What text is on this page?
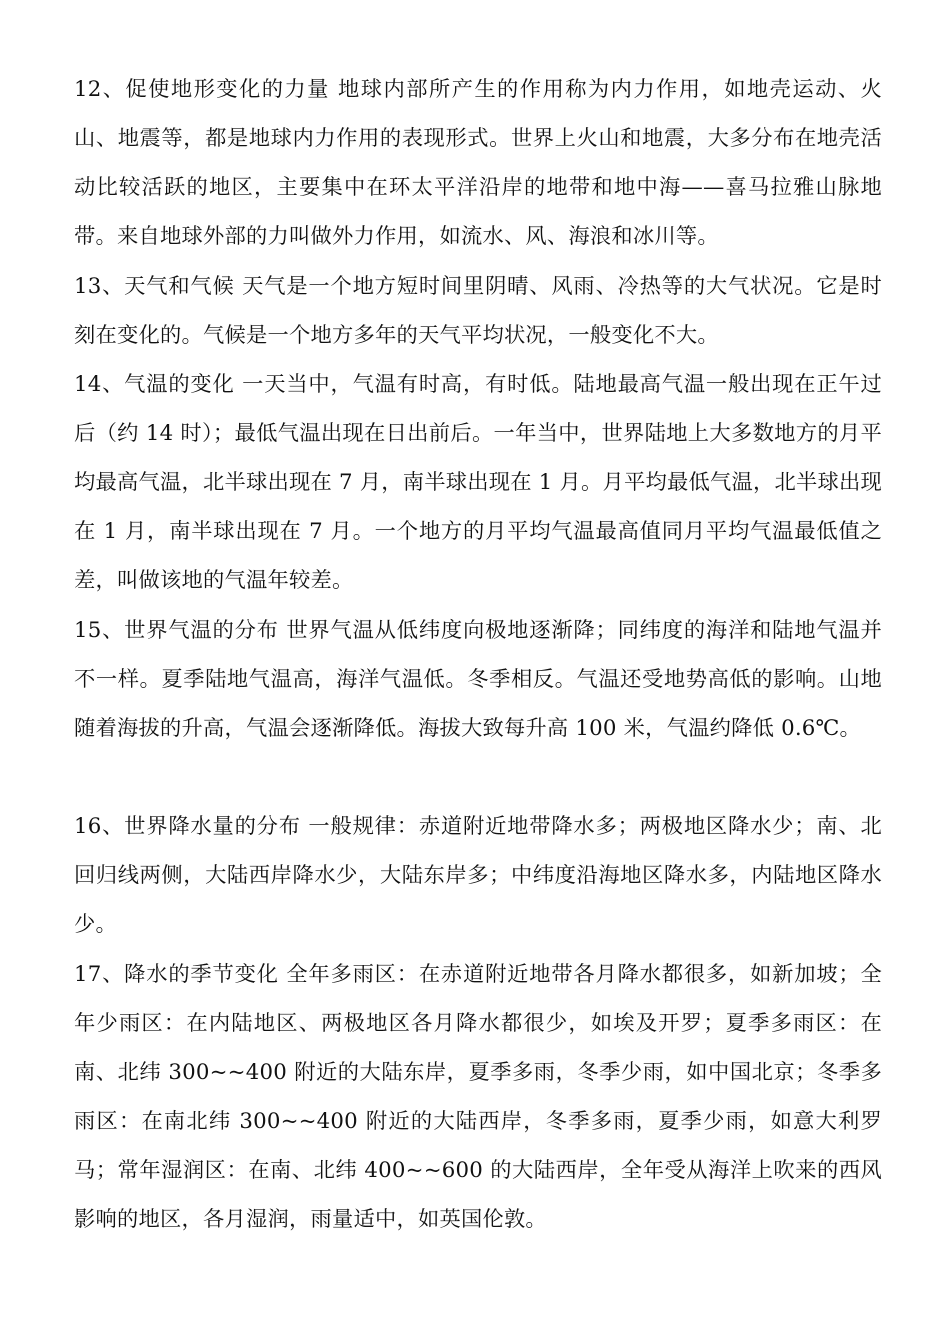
12、促使地形变化的力量 地球内部所产生的作用称为内力作用，如地壳运动、火山、地震等，都是地球内力作用的表现形式。世界上火山和地震，大多分布在地壳活动比较活跃的地区，主要集中在环太平洋沿岸的地带和地中海——喜马拉雅山脉地带。来自地球外部的力叫做外力作用，如流水、风、海浪和冰川等。

13、天气和气候 天气是一个地方短时间里阴晴、风雨、冷热等的大气状况。它是时刻在变化的。气候是一个地方多年的天气平均状况，一般变化不大。

14、气温的变化 一天当中，气温有时高，有时低。陆地最高气温一般出现在正午过后（约 14 时）；最低气温出现在日出前后。一年当中，世界陆地上大多数地方的月平均最高气温，北半球出现在 7 月，南半球出现在 1 月。月平均最低气温，北半球出现在 1 月，南半球出现在 7 月。一个地方的月平均气温最高值同月平均气温最低值之差，叫做该地的气温年较差。

15、世界气温的分布 世界气温从低纬度向极地逐渐降；同纬度的海洋和陆地气温并不一样。夏季陆地气温高，海洋气温低。冬季相反。气温还受地势高低的影响。山地随着海拔的升高，气温会逐渐降低。海拔大致每升高 100 米，气温约降低 0.6℃。

16、世界降水量的分布 一般规律：赤道附近地带降水多；两极地区降水少；南、北回归线两侧，大陆西岸降水少，大陆东岸多；中纬度沿海地区降水多，内陆地区降水少。

17、降水的季节变化 全年多雨区：在赤道附近地带各月降水都很多，如新加坡；全年少雨区：在内陆地区、两极地区各月降水都很少，如埃及开罗；夏季多雨区：在南、北纬 300~~400 附近的大陆东岸，夏季多雨，冬季少雨，如中国北京；冬季多雨区：在南北纬 300~~400 附近的大陆西岸，冬季多雨，夏季少雨，如意大利罗马；常年湿润区：在南、北纬 400~~600 的大陆西岸，全年受从海洋上吹来的西风影响的地区，各月湿润，雨量适中，如英国伦敦。
